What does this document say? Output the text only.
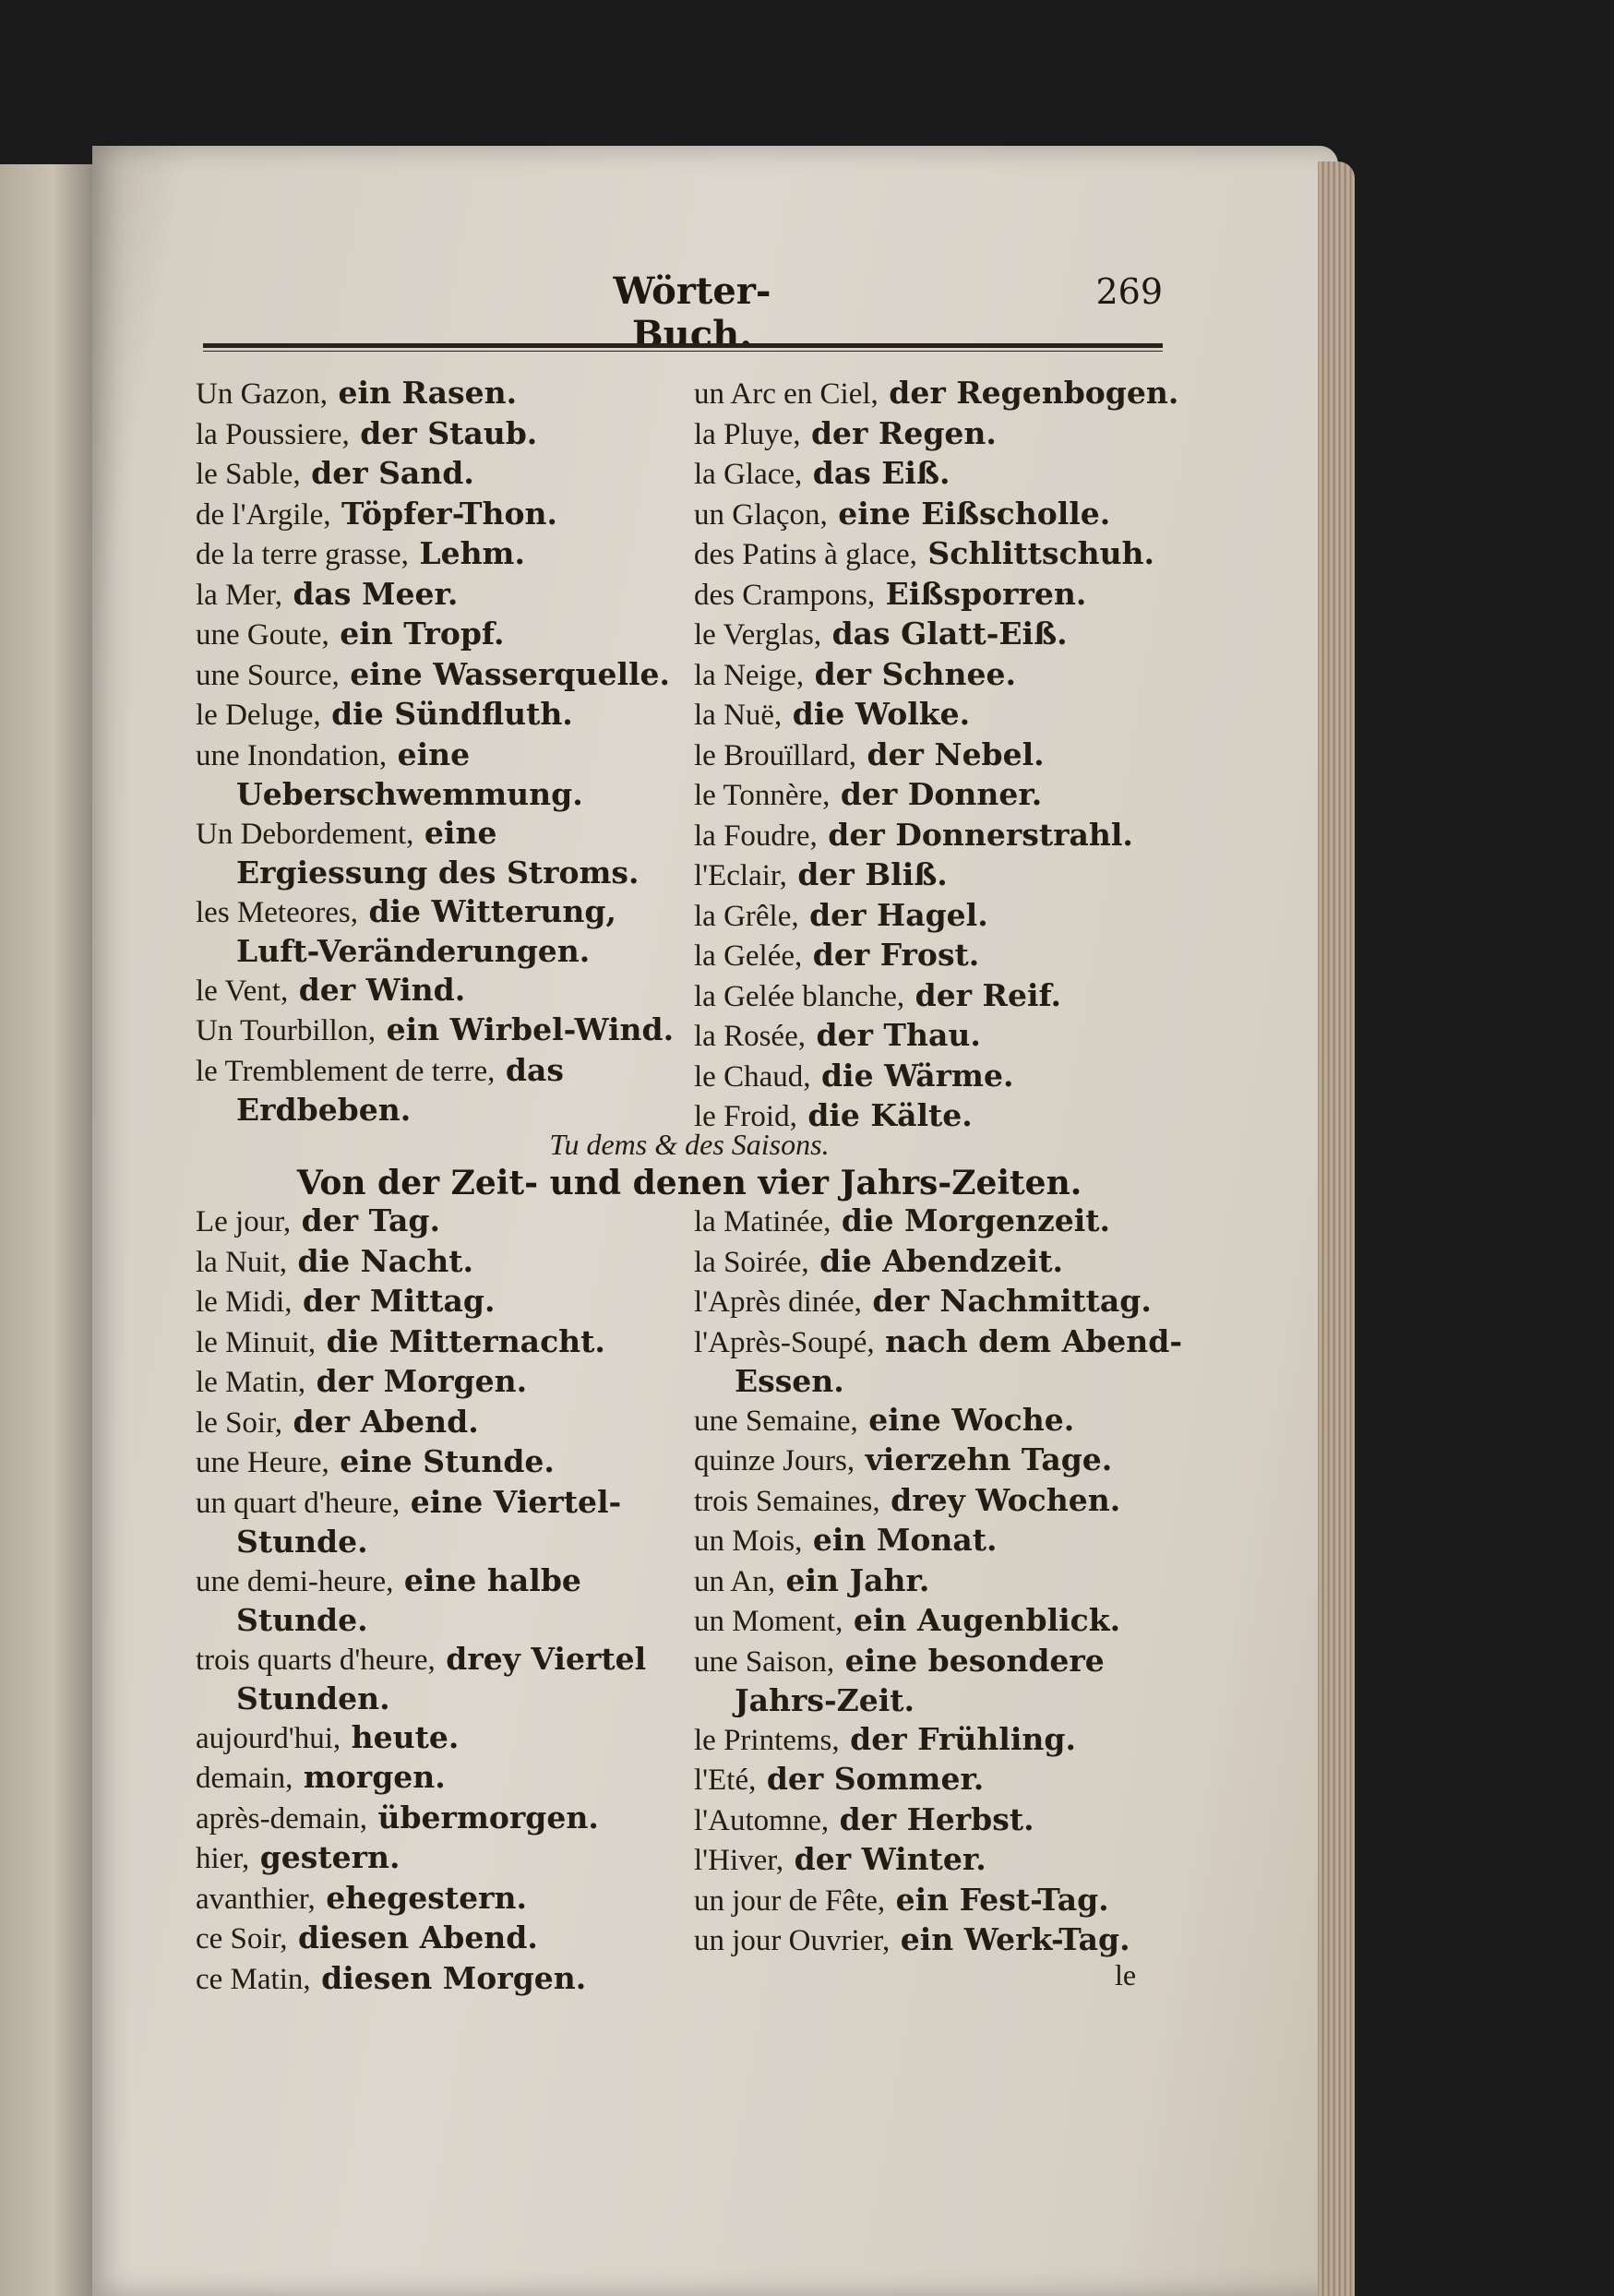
Wörter-Buch.
269

Un Gazon, ein Rasen.

la Poussiere, der Staub.

le Sable, der Sand.

de l'Argile, Töpfer-Thon.

de la terre grasse, Lehm.

la Mer, das Meer.

une Goute, ein Tropf.

une Source, eine Wasserquelle.

le Deluge, die Sündfluth.

une Inondation, eine Ueberschwemmung.

Un Debordement, eine Ergiessung des Stroms.

les Meteores, die Witterung, Luft-Veränderungen.

le Vent, der Wind.

Un Tourbillon, ein Wirbel-Wind.

le Tremblement de terre, das Erdbeben.

un Arc en Ciel, der Regenbogen.

la Pluye, der Regen.

la Glace, das Eiß.

un Glaçon, eine Eißscholle.

des Patins à glace, Schlittschuh.

des Crampons, Eißsporren.

le Verglas, das Glatt-Eiß.

la Neige, der Schnee.

la Nuë, die Wolke.

le Brouïllard, der Nebel.

le Tonnère, der Donner.

la Foudre, der Donnerstrahl.

l'Eclair, der Bliß.

la Grêle, der Hagel.

la Gelée, der Frost.

la Gelée blanche, der Reif.

la Rosée, der Thau.

le Chaud, die Wärme.

le Froid, die Kälte.

Tu dems & des Saisons.
Von der Zeit- und denen vier Jahrs-Zeiten.

Le jour, der Tag.

la Nuit, die Nacht.

le Midi, der Mittag.

le Minuit, die Mitternacht.

le Matin, der Morgen.

le Soir, der Abend.

une Heure, eine Stunde.

un quart d'heure, eine Viertel-Stunde.

une demi-heure, eine halbe Stunde.

trois quarts d'heure, drey Viertel Stunden.

aujourd'hui, heute.

demain, morgen.

après-demain, übermorgen.

hier, gestern.

avanthier, ehegestern.

ce Soir, diesen Abend.

ce Matin, diesen Morgen.

la Matinée, die Morgenzeit.

la Soirée, die Abendzeit.

l'Après dinée, der Nachmittag.

l'Après-Soupé, nach dem Abend-Essen.

une Semaine, eine Woche.

quinze Jours, vierzehn Tage.

trois Semaines, drey Wochen.

un Mois, ein Monat.

un An, ein Jahr.

un Moment, ein Augenblick.

une Saison, eine besondere Jahrs-Zeit.

le Printems, der Frühling.

l'Eté, der Sommer.

l'Automne, der Herbst.

l'Hiver, der Winter.

un jour de Fête, ein Fest-Tag.

un jour Ouvrier, ein Werk-Tag.

le
